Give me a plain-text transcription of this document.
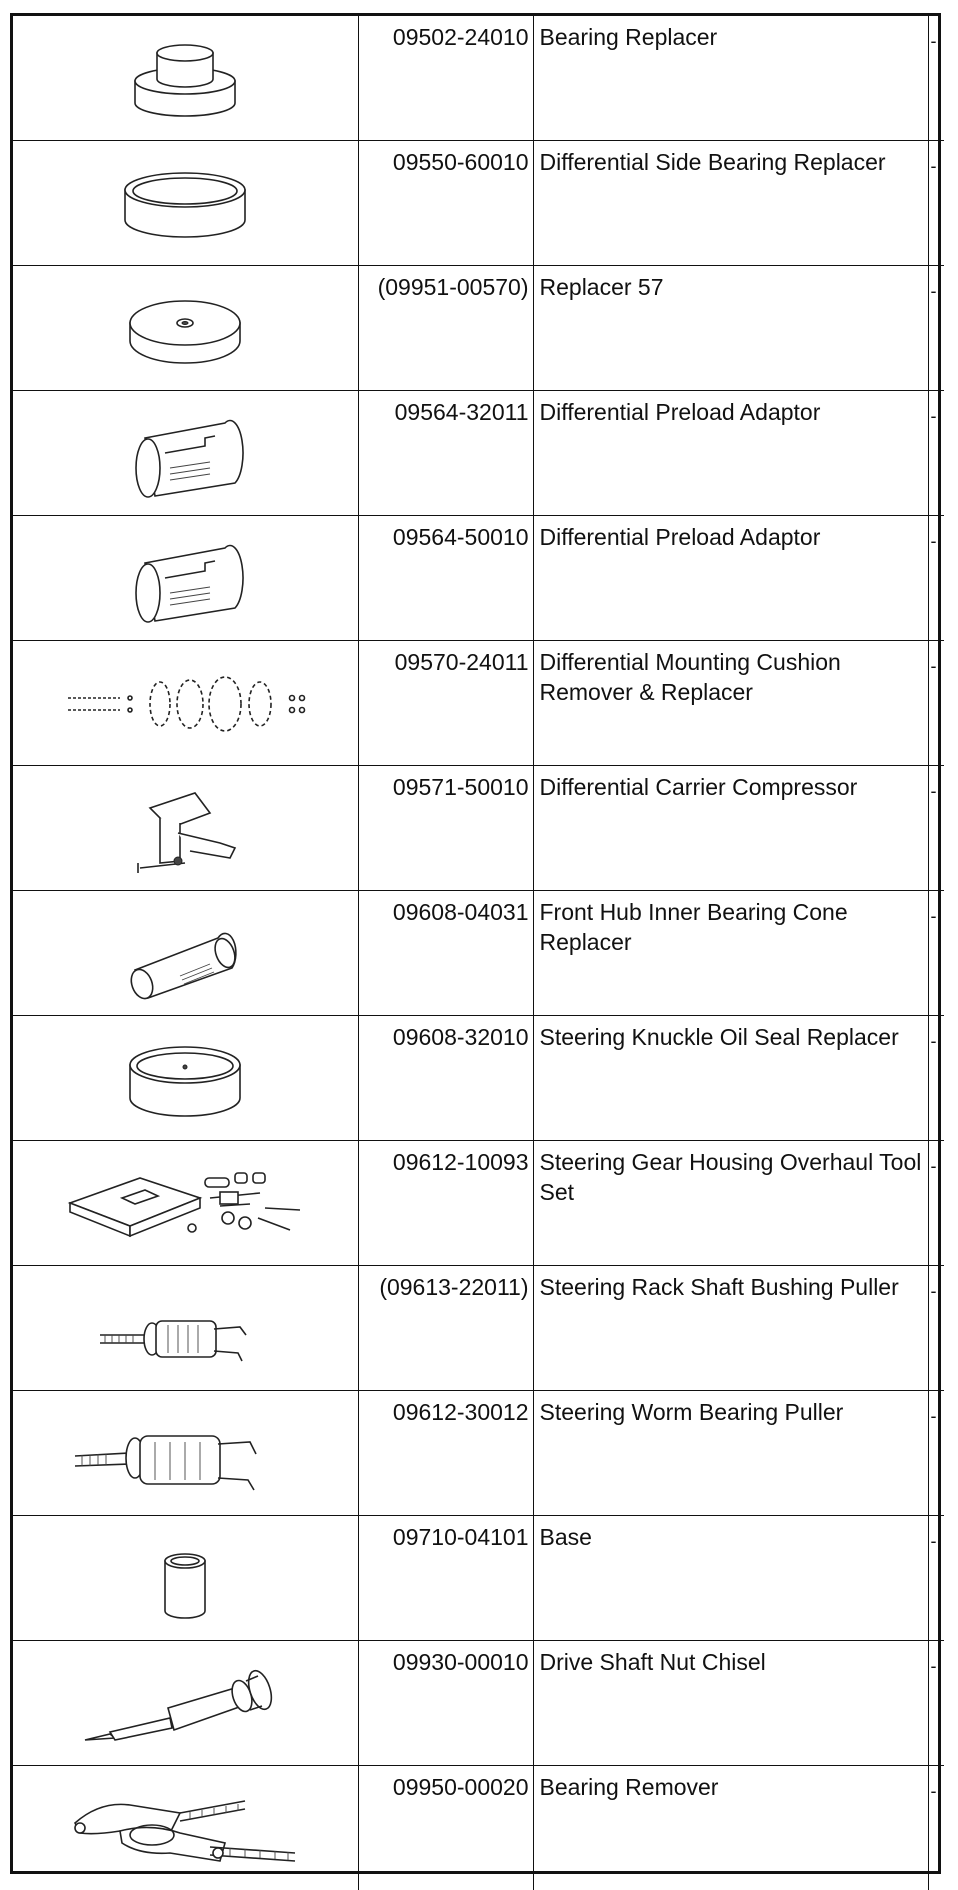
09502-24010	Bearing Replacer	-

09550-60010	Differential Side Bearing Replacer	-

(09951-00570)	Replacer 57	-

09564-32011	Differential Preload Adaptor	-

09564-50010	Differential Preload Adaptor	-

09570-24011	Differential Mounting Cushion Remover & Replacer	-

09571-50010	Differential Carrier Compressor	-

09608-04031	Front Hub Inner Bearing Cone Replacer	-

09608-32010	Steering Knuckle Oil Seal Replacer	-

09612-10093	Steering Gear Housing Overhaul Tool Set	-

(09613-22011)	Steering Rack Shaft Bushing Puller	-

09612-30012	Steering Worm Bearing Puller	-

09710-04101	Base	-

09930-00010	Drive Shaft Nut Chisel	-

09950-00020	Bearing Remover	-
